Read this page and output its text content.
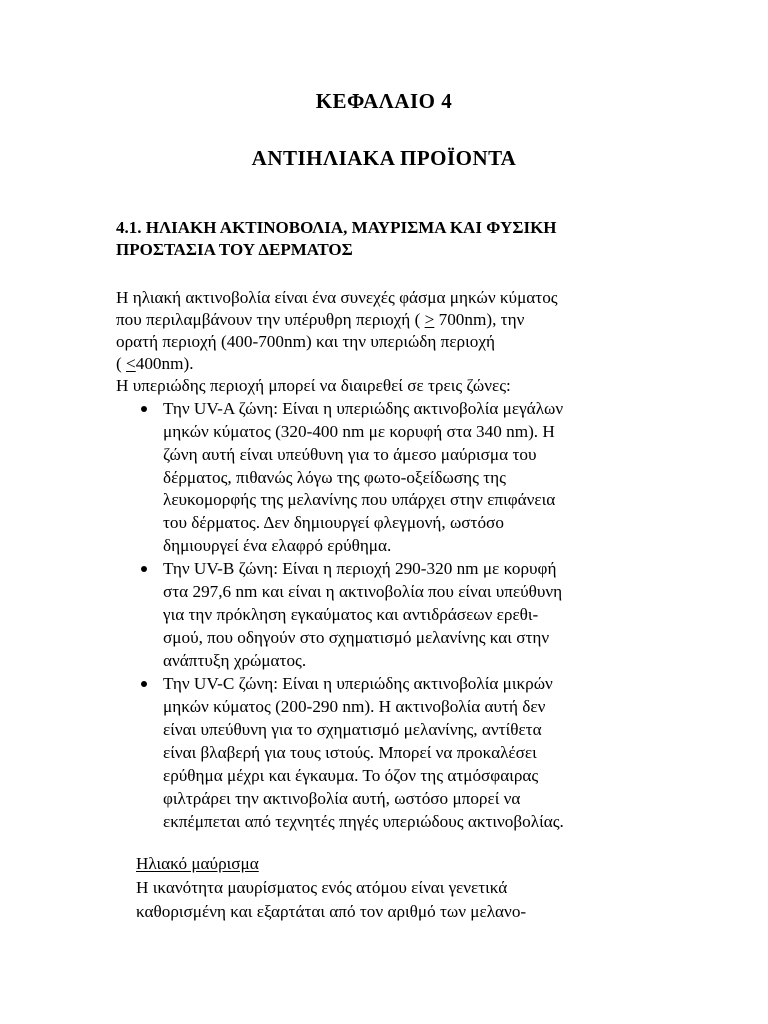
ΚΕΦΑΛΑΙΟ 4
ΑΝΤΙΗΛΙΑΚΑ ΠΡΟΪΟΝΤΑ
4.1. ΗΛΙΑΚΗ ΑΚΤΙΝΟΒΟΛΙΑ, ΜΑΥΡΙΣΜΑ ΚΑΙ ΦΥΣΙΚΗ
ΠΡΟΣΤΑΣΙΑ ΤΟΥ ΔΕΡΜΑΤΟΣ
Η ηλιακή ακτινοβολία είναι ένα συνεχές φάσμα μηκών κύματος
που περιλαμβάνουν την υπέρυθρη περιοχή ( ≥ 700nm), την
ορατή περιοχή (400-700nm) και την υπεριώδη περιοχή
( ≤400nm).
Η υπεριώδης περιοχή μπορεί να διαιρεθεί σε τρεις ζώνες:
Την UV-A ζώνη: Είναι η υπεριώδης ακτινοβολία μεγάλων
μηκών κύματος (320-400 nm με κορυφή στα 340 nm). Η
ζώνη αυτή είναι υπεύθυνη για το άμεσο μαύρισμα του
δέρματος, πιθανώς λόγω της φωτο-οξείδωσης της
λευκομορφής της μελανίνης που υπάρχει στην επιφάνεια
του δέρματος. Δεν δημιουργεί φλεγμονή, ωστόσο
δημιουργεί ένα ελαφρό ερύθημα.
Την UV-B ζώνη: Είναι η περιοχή 290-320 nm με κορυφή
στα 297,6 nm και είναι η ακτινοβολία που είναι υπεύθυνη
για την πρόκληση εγκαύματος και αντιδράσεων ερεθι-
σμού, που οδηγούν στο σχηματισμό μελανίνης και στην
ανάπτυξη χρώματος.
Την UV-C ζώνη: Είναι η υπεριώδης ακτινοβολία μικρών
μηκών κύματος (200-290 nm). Η ακτινοβολία αυτή δεν
είναι υπεύθυνη για το σχηματισμό μελανίνης, αντίθετα
είναι βλαβερή για τους ιστούς. Μπορεί να προκαλέσει
ερύθημα μέχρι και έγκαυμα. Το όζον της ατμόσφαιρας
φιλτράρει την ακτινοβολία αυτή, ωστόσο μπορεί να
εκπέμπεται από τεχνητές πηγές υπεριώδους ακτινοβολίας.
Ηλιακό μαύρισμα
Η ικανότητα μαυρίσματος ενός ατόμου είναι γενετικά
καθορισμένη και εξαρτάται από τον αριθμό των μελανο-
